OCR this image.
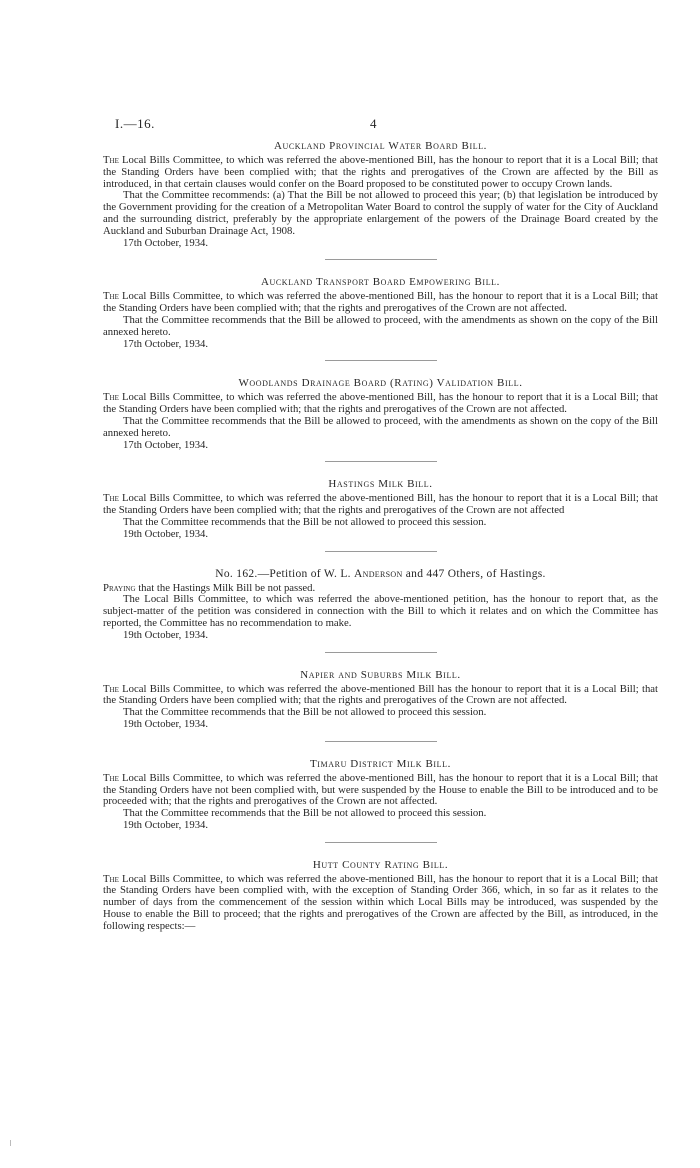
I.—16.	4
Auckland Provincial Water Board Bill.

The Local Bills Committee, to which was referred the above-mentioned Bill, has the honour to report that it is a Local Bill; that the Standing Orders have been complied with; that the rights and prerogatives of the Crown are affected by the Bill as introduced, in that certain clauses would confer on the Board proposed to be constituted power to occupy Crown lands.

That the Committee recommends: (a) That the Bill be not allowed to proceed this year; (b) that legislation be introduced by the Government providing for the creation of a Metropolitan Water Board to control the supply of water for the City of Auckland and the surrounding district, preferably by the appropriate enlargement of the powers of the Drainage Board created by the Auckland and Suburban Drainage Act, 1908.

17th October, 1934.
Auckland Transport Board Empowering Bill.

The Local Bills Committee, to which was referred the above-mentioned Bill, has the honour to report that it is a Local Bill; that the Standing Orders have been complied with; that the rights and prerogatives of the Crown are not affected.

That the Committee recommends that the Bill be allowed to proceed, with the amendments as shown on the copy of the Bill annexed hereto.

17th October, 1934.
Woodlands Drainage Board (Rating) Validation Bill.

The Local Bills Committee, to which was referred the above-mentioned Bill, has the honour to report that it is a Local Bill; that the Standing Orders have been complied with; that the rights and prerogatives of the Crown are not affected.

That the Committee recommends that the Bill be allowed to proceed, with the amendments as shown on the copy of the Bill annexed hereto.

17th October, 1934.
Hastings Milk Bill.

The Local Bills Committee, to which was referred the above-mentioned Bill, has the honour to report that it is a Local Bill; that the Standing Orders have been complied with; that the rights and prerogatives of the Crown are not affected

That the Committee recommends that the Bill be not allowed to proceed this session.

19th October, 1934.
No. 162.—Petition of W. L. Anderson and 447 Others, of Hastings.

Praying that the Hastings Milk Bill be not passed.

The Local Bills Committee, to which was referred the above-mentioned petition, has the honour to report that, as the subject-matter of the petition was considered in connection with the Bill to which it relates and on which the Committee has reported, the Committee has no recommendation to make.

19th October, 1934.
Napier and Suburbs Milk Bill.

The Local Bills Committee, to which was referred the above-mentioned Bill has the honour to report that it is a Local Bill; that the Standing Orders have been complied with; that the rights and prerogatives of the Crown are not affected.

That the Committee recommends that the Bill be not allowed to proceed this session.

19th October, 1934.
Timaru District Milk Bill.

The Local Bills Committee, to which was referred the above-mentioned Bill, has the honour to report that it is a Local Bill; that the Standing Orders have not been complied with, but were suspended by the House to enable the Bill to be introduced and to be proceeded with; that the rights and prerogatives of the Crown are not affected.

That the Committee recommends that the Bill be not allowed to proceed this session.

19th October, 1934.
Hutt County Rating Bill.

The Local Bills Committee, to which was referred the above-mentioned Bill, has the honour to report that it is a Local Bill; that the Standing Orders have been complied with, with the exception of Standing Order 366, which, in so far as it relates to the number of days from the commencement of the session within which Local Bills may be introduced, was suspended by the House to enable the Bill to proceed; that the rights and prerogatives of the Crown are affected by the Bill, as introduced, in the following respects:—
